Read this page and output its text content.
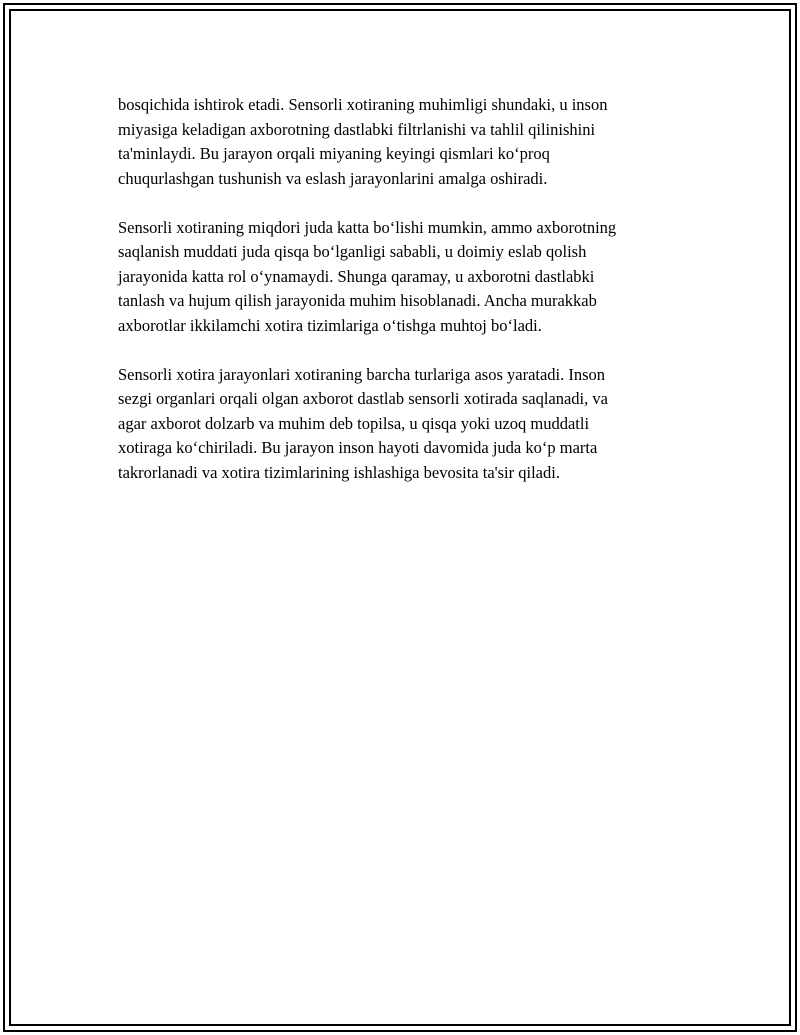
bosqichida ishtirok etadi. Sensorli xotiraning muhimligi shundaki, u inson
miyasiga keladigan axborotning dastlabki filtrlanishi va tahlil qilinishini
ta'minlaydi. Bu jarayon orqali miyaning keyingi qismlari ko‘proq
chuqurlashgan tushunish va eslash jarayonlarini amalga oshiradi.

Sensorli xotiraning miqdori juda katta bo‘lishi mumkin, ammo axborotning
saqlanish muddati juda qisqa bo‘lganligi sababli, u doimiy eslab qolish
jarayonida katta rol o‘ynamaydi. Shunga qaramay, u axborotni dastlabki
tanlash va hujum qilish jarayonida muhim hisoblanadi. Ancha murakkab
axborotlar ikkilamchi xotira tizimlariga o‘tishga muhtoj bo‘ladi.

Sensorli xotira jarayonlari xotiraning barcha turlariga asos yaratadi. Inson
sezgi organlari orqali olgan axborot dastlab sensorli xotirada saqlanadi, va
agar axborot dolzarb va muhim deb topilsa, u qisqa yoki uzoq muddatli
xotiraga ko‘chiriladi. Bu jarayon inson hayoti davomida juda ko‘p marta
takrorlanadi va xotira tizimlarining ishlashiga bevosita ta'sir qiladi.
